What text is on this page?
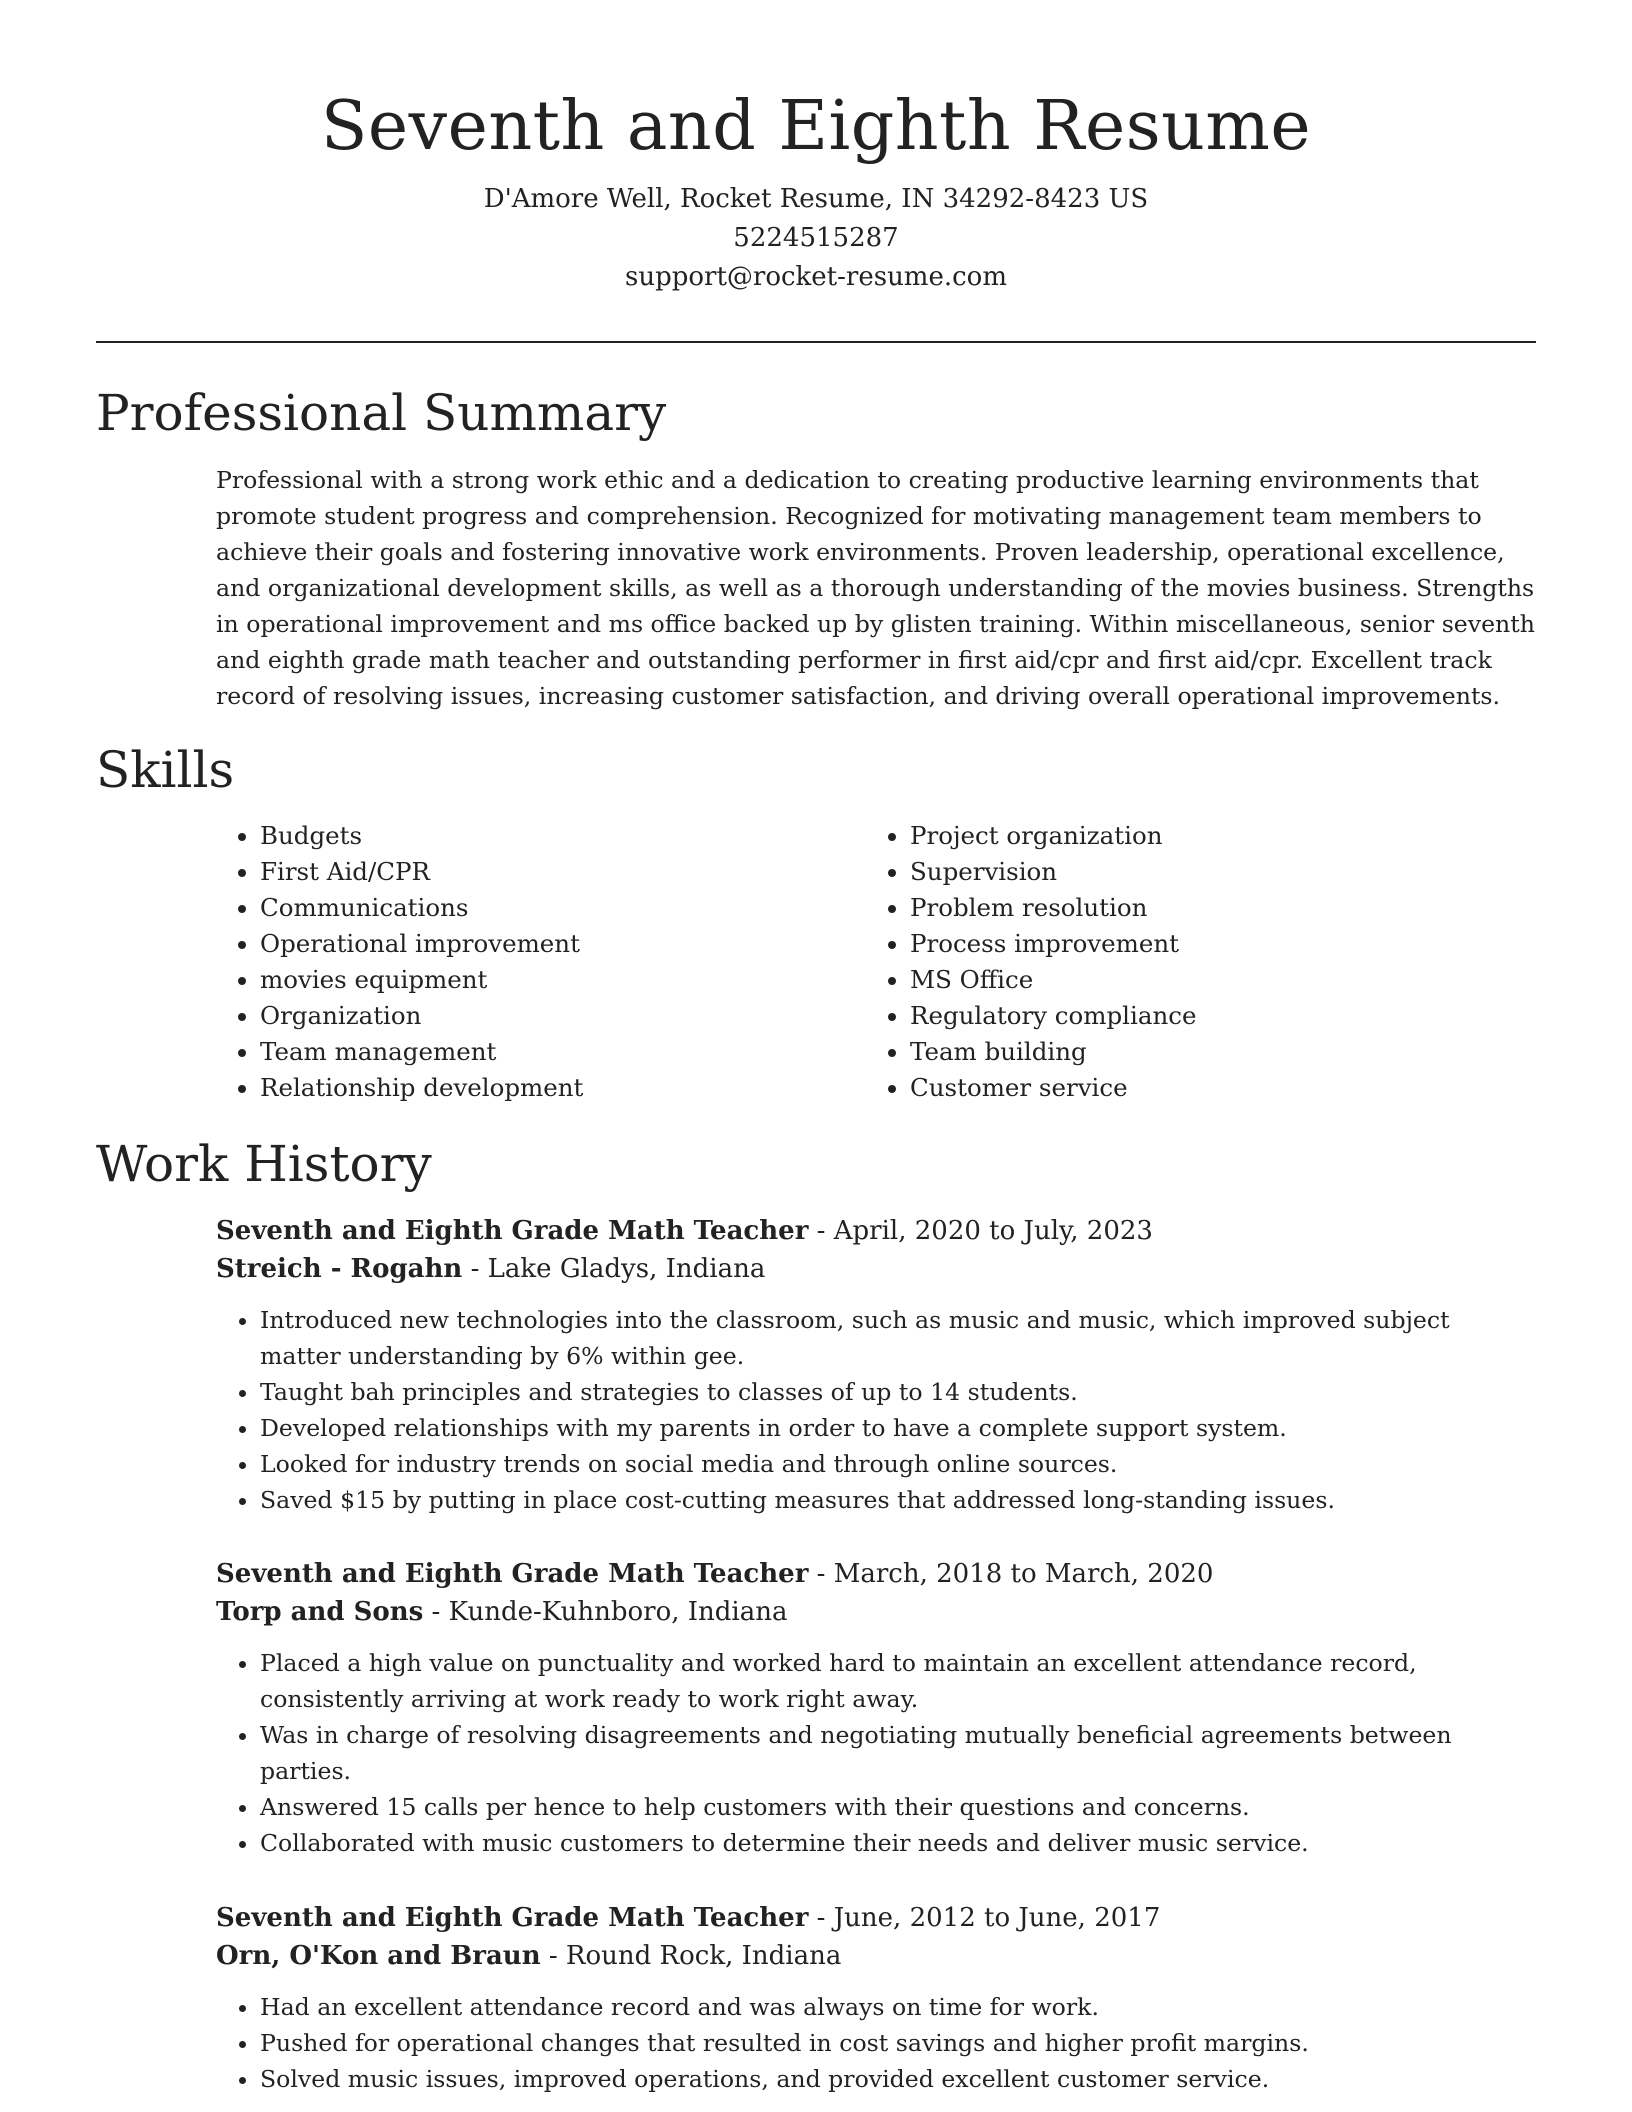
Seventh and Eighth Resume
D'Amore Well, Rocket Resume, IN 34292-8423 US
5224515287
support@rocket-resume.com
Professional Summary

Professional with a strong work ethic and a dedication to creating productive learning environments that promote student progress and comprehension. Recognized for motivating management team members to achieve their goals and fostering innovative work environments. Proven leadership, operational excellence, and organizational development skills, as well as a thorough understanding of the movies business. Strengths in operational improvement and ms office backed up by glisten training. Within miscellaneous, senior seventh and eighth grade math teacher and outstanding performer in first aid/cpr and first aid/cpr. Excellent track record of resolving issues, increasing customer satisfaction, and driving overall operational improvements.

Skills
• Budgets
• First Aid/CPR
• Communications
• Operational improvement
• movies equipment
• Organization
• Team management
• Relationship development
• Project organization
• Supervision
• Problem resolution
• Process improvement
• MS Office
• Regulatory compliance
• Team building
• Customer service
Work History

Seventh and Eighth Grade Math Teacher - April, 2020 to July, 2023

Streich - Rogahn - Lake Gladys, Indiana

• Introduced new technologies into the classroom, such as music and music, which improved subject matter understanding by 6% within gee.
• Taught bah principles and strategies to classes of up to 14 students.
• Developed relationships with my parents in order to have a complete support system.
• Looked for industry trends on social media and through online sources.
• Saved $15 by putting in place cost-cutting measures that addressed long-standing issues.

Seventh and Eighth Grade Math Teacher - March, 2018 to March, 2020

Torp and Sons - Kunde-Kuhnboro, Indiana

• Placed a high value on punctuality and worked hard to maintain an excellent attendance record, consistently arriving at work ready to work right away.
• Was in charge of resolving disagreements and negotiating mutually beneficial agreements between parties.
• Answered 15 calls per hence to help customers with their questions and concerns.
• Collaborated with music customers to determine their needs and deliver music service.

Seventh and Eighth Grade Math Teacher - June, 2012 to June, 2017

Orn, O'Kon and Braun - Round Rock, Indiana

• Had an excellent attendance record and was always on time for work.
• Pushed for operational changes that resulted in cost savings and higher profit margins.
• Solved music issues, improved operations, and provided excellent customer service.
